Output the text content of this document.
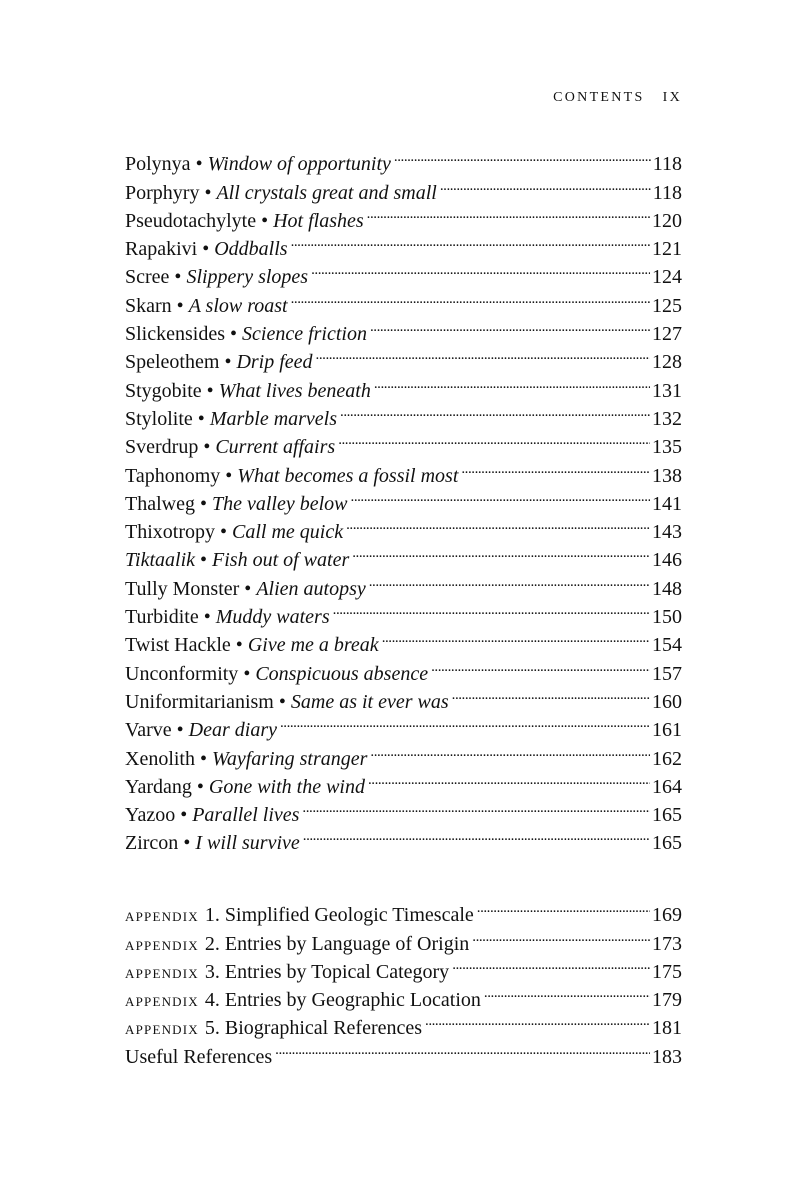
CONTENTS IX
Polynya • Window of opportunity . . .	118
Porphyry • All crystals great and small . . .	118
Pseudotachylyte • Hot flashes . . .	120
Rapakivi • Oddballs . . .	121
Scree • Slippery slopes . . .	124
Skarn • A slow roast . . .	125
Slickensides • Science friction . . .	127
Speleothem • Drip feed . . .	128
Stygobite • What lives beneath . . .	131
Stylolite • Marble marvels . . .	132
Sverdrup • Current affairs . . .	135
Taphonomy • What becomes a fossil most . . .	138
Thalweg • The valley below . . .	141
Thixotropy • Call me quick . . .	143
Tiktaalik • Fish out of water . . .	146
Tully Monster • Alien autopsy . . .	148
Turbidite • Muddy waters . . .	150
Twist Hackle • Give me a break . . .	154
Unconformity • Conspicuous absence . . .	157
Uniformitarianism • Same as it ever was . . .	160
Varve • Dear diary . . .	161
Xenolith • Wayfaring stranger . . .	162
Yardang • Gone with the wind . . .	164
Yazoo • Parallel lives . . .	165
Zircon • I will survive . . .	165
appendix 1. Simplified Geologic Timescale . . .	169
appendix 2. Entries by Language of Origin . . .	173
appendix 3. Entries by Topical Category . . .	175
appendix 4. Entries by Geographic Location . . .	179
appendix 5. Biographical References . . .	181
Useful References . . .	183
